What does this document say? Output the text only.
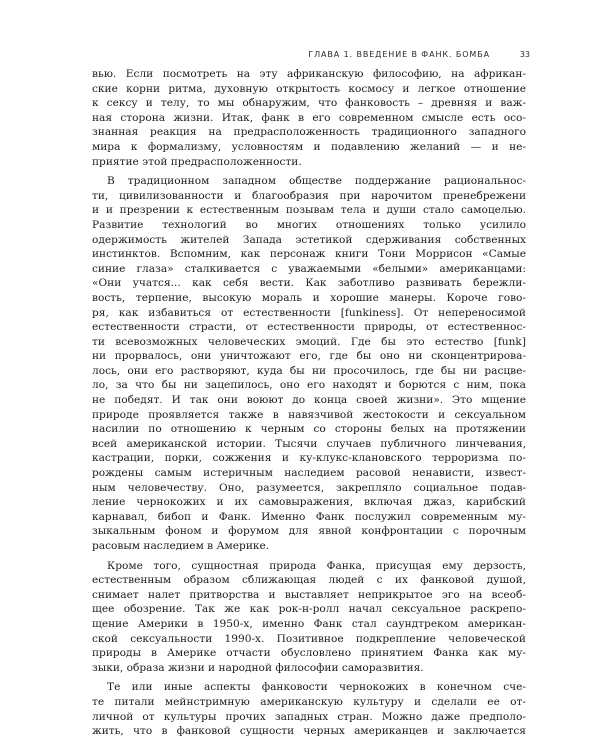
ГЛАВА 1. ВВЕДЕНИЕ В ФАНК. БОМБА	33
вью. Если посмотреть на эту африканскую философию, на африкан-
ские корни ритма, духовную открытость космосу и легкое отношение
к сексу и телу, то мы обнаружим, что фанковость – древняя и важ-
ная сторона жизни. Итак, фанк в его современном смысле есть осо-
знанная реакция на предрасположенность традиционного западного
мира к формализму, условностям и подавлению желаний — и не-
приятие этой предрасположенности.
В традиционном западном обществе поддержание рациональнос-
ти, цивилизованности и благообразия при нарочитом пренебрежени
и и презрении к естественным позывам тела и души стало самоцелью.
Развитие технологий во многих отношениях только усилило
одержимость жителей Запада эстетикой сдерживания собственных
инстинктов. Вспомним, как персонаж книги Тони Моррисон «Самые
синие глаза» сталкивается с уважаемыми «белыми» американцами:
«Они учатся... как себя вести. Как заботливо развивать бережли-
вость, терпение, высокую мораль и хорошие манеры. Короче гово-
ря, как избавиться от естественности [funkiness]. От непереносимой
естественности страсти, от естественности природы, от естественнос-
ти всевозможных человеческих эмоций. Где бы это естество [funk]
ни прорвалось, они уничтожают его, где бы оно ни сконцентрирова-
лось, они его растворяют, куда бы ни просочилось, где бы ни расцве-
ло, за что бы ни зацепилось, оно его находят и борются с ним, пока
не победят. И так они воюют до конца своей жизни». Это мщение
природе проявляется также в навязчивой жестокости и сексуальном
насилии по отношению к черным со стороны белых на протяжении
всей американской истории. Тысячи случаев публичного линчевания,
кастрации, порки, сожжения и ку-клукс-клановского терроризма по-
рождены самым истеричным наследием расовой ненависти, извест-
ным человечеству. Оно, разумеется, закрепляло социальное подав-
ление чернокожих и их самовыражения, включая джаз, карибский
карнавал, бибоп и Фанк. Именно Фанк послужил современным му-
зыкальным фоном и форумом для явной конфронтации с порочным
расовым наследием в Америке.
Кроме того, сущностная природа Фанка, присущая ему дерзость,
естественным образом сближающая людей с их фанковой душой,
снимает налет притворства и выставляет неприкрытое эго на всеоб-
щее обозрение. Так же как рок-н-ролл начал сексуальное раскрепо-
щение Америки в 1950-х, именно Фанк стал саундтреком американ-
ской сексуальности 1990-х. Позитивное подкрепление человеческой
природы в Америке отчасти обусловлено принятием Фанка как му-
зыки, образа жизни и народной философии саморазвития.
Те или иные аспекты фанковости чернокожих в конечном сче-
те питали мейнстримную американскую культуру и сделали ее от-
личной от культуры прочих западных стран. Можно даже предполо-
жить, что в фанковой сущности черных американцев и заключается
